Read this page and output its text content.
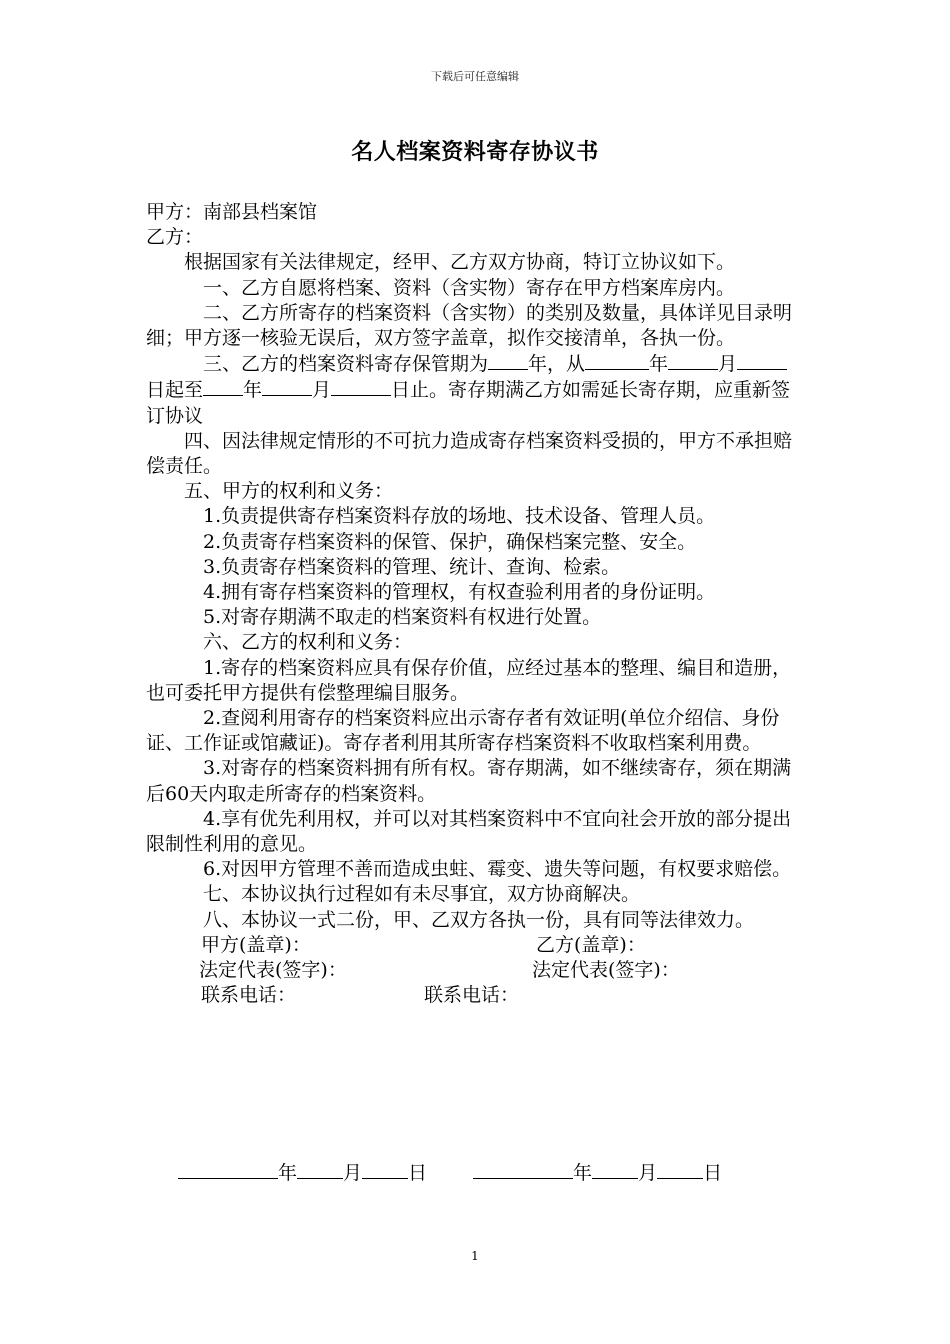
下载后可任意编辑
名人档案资料寄存协议书

甲方：南部县档案馆

乙方：

根据国家有关法律规定，经甲、乙方双方协商，特订立协议如下。

一、乙方自愿将档案、资料（含实物）寄存在甲方档案库房内。

二、乙方所寄存的档案资料（含实物）的类别及数量，具体详见目录明细；甲方逐一核验无误后，双方签字盖章，拟作交接清单，各执一份。

三、乙方的档案资料寄存保管期为 年，从	年	月日起至 年	月	日止。寄存期满乙方如需延长寄存期，应重新签订协议

四、因法律规定情形的不可抗力造成寄存档案资料受损的，甲方不承担赔偿责任。

五、甲方的权利和义务：

1.负责提供寄存档案资料存放的场地、技术设备、管理人员。

2.负责寄存档案资料的保管、保护，确保档案完整、安全。

3.负责寄存档案资料的管理、统计、查询、检索。

4.拥有寄存档案资料的管理权，有权查验利用者的身份证明。

5.对寄存期满不取走的档案资料有权进行处置。

六、乙方的权利和义务：

1.寄存的档案资料应具有保存价值，应经过基本的整理、编目和造册，也可委托甲方提供有偿整理编目服务。

2.查阅利用寄存的档案资料应出示寄存者有效证明(单位介绍信、身份证、工作证或馆藏证)。寄存者利用其所寄存档案资料不收取档案利用费。

3.对寄存的档案资料拥有所有权。寄存期满，如不继续寄存，须在期满后60天内取走所寄存的档案资料。

4.享有优先利用权，并可以对其档案资料中不宜向社会开放的部分提出限制性利用的意见。

6.对因甲方管理不善而造成虫蛀、霉变、遗失等问题，有权要求赔偿。

七、本协议执行过程如有未尽事宜，双方协商解决。

八、本协议一式二份，甲、乙双方各执一份，具有同等法律效力。

甲方(盖章)：	乙方(盖章)：
法定代表(签字)：	法定代表(签字)：
联系电话：	联系电话：
年 月 日	年 月 日
1
